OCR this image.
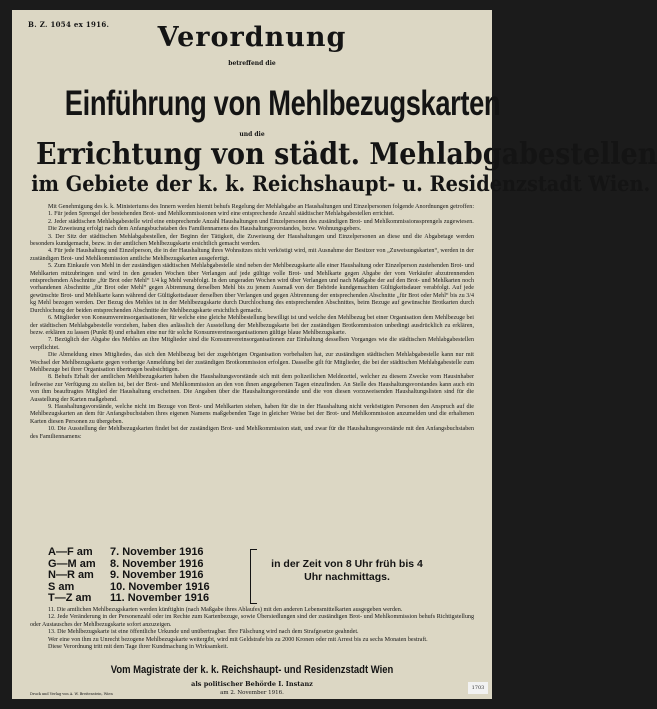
B. Z. 1054 ex 1916.	Verordnung
betreffend die
Einführung von Mehlbezugskarten
und die
Errichtung von städt. Mehlabgabestellen
im Gebiete der k. k. Reichshaupt- u. Residenzstadt Wien.

Mit Genehmigung des k. k. Ministeriums des Innern werden hiemit behufs Regelung der Mehlabgabe an Haushaltungen und Einzelpersonen folgende Anordnungen getroffen:

1. Für jeden Sprengel der bestehenden Brot- und Mehlkommissionen wird eine entsprechende Anzahl städtischer Mehlabgabestellen errichtet.

2. Jeder städtischen Mehlabgabestelle wird eine entsprechende Anzahl Haushaltungen und Einzelpersonen des zuständigen Brot- und Mehlkommissionssprengels zugewiesen.

Die Zuweisung erfolgt nach dem Anfangsbuchstaben des Familiennamens des Haushaltungsvorstandes, bezw. Wohnungsgebers.

3. Der Sitz der städtischen Mehlabgabestellen, der Beginn der Tätigkeit, die Zuweisung der Haushaltungen und Einzelpersonen an diese und die Abgabetage werden besonders kundgemacht, bezw. in der amtlichen Mehlbezugskarte ersichtlich gemacht werden.

4. Für jede Haushaltung und Einzelperson, die in der Haushaltung ihres Wohnsitzes nicht verköstigt wird, mit Ausnahme der Besitzer von „Zuweisungskarten“, werden in der zuständigen Brot- und Mehlkommission amtliche Mehlbezugskarten ausgefertigt.

5. Zum Einkaufe von Mehl in der zuständigen städtischen Mehlabgabestelle sind neben der Mehlbezugskarte alle einer Haushaltung oder Einzelperson zustehenden Brot- und Mehlkarten mitzubringen und wird in den geraden Wochen über Verlangen auf jede gültige volle Brot- und Mehlkarte gegen Abgabe der vom Verkäufer abzutrennenden entsprechenden Abschnitte „für Brot oder Mehl“ 1/4 kg Mehl verabfolgt. In den ungeraden Wochen wird über Verlangen und nach Maßgabe der auf den Brot- und Mehlkarten noch vorhandenen Abschnitte „für Brot oder Mehl“ gegen Abtrennung derselben Mehl bis zu jenem Ausmaß von der Behörde kundgemachten Gültigkeitsdauer verabfolgt. Auf jede gewünschte Brot- und Mehlkarte kann während der Gültigkeitsdauer derselben über Verlangen und gegen Abtrennung der entsprechenden Abschnitte „für Brot oder Mehl“ bis zu 3/4 kg Mehl bezogen werden. Der Bezug des Mehles ist in der Mehlbezugskarte durch Durchlochung des entsprechenden Abschnittes, beim Bezuge auf gewünschte Brotkarten durch Durchlochung der beiden entsprechenden Abschnitte der Mehlbezugskarte ersichtlich gemacht.

6. Mitglieder von Konsumvereinsorganisationen, für welche eine gleiche Mehlbestellung bewilligt ist und welche den Mehlbezug bei einer Organisation dem Mehlbezuge bei der städtischen Mehlabgabestelle vorziehen, haben dies anlässlich der Ausstellung der Mehlbezugskarte bei der zuständigen Brotkommission unbedingt ausdrücklich zu erklären, bezw. erklären zu lassen (Punkt 8) und erhalten eine nur für solche Konsumvereinsorganisationen gültige blaue Mehlbezugskarte.

7. Bezüglich der Abgabe des Mehles an ihre Mitglieder sind die Konsumvereinsorganisationen zur Einhaltung desselben Vorganges wie die städtischen Mehlabgabestellen verpflichtet.

Die Abmeldung eines Mitgliedes, das sich den Mehlbezug bei der zugehörigen Organisation vorbehalten hat, zur zuständigen städtischen Mehlabgabestelle kann nur mit Wechsel der Mehlbezugskarte gegen vorherige Anmeldung bei der zuständigen Brotkommission erfolgen. Dasselbe gilt für Mitglieder, die bei der städtischen Mehlabgabestelle zum Mehlbezuge bei ihrer Organisation übertragen beabsichtigen.

8. Behufs Erhalt der amtlichen Mehlbezugskarten haben die Haushaltungsvorstände sich mit dem polizeilichen Meldezettel, welcher zu diesem Zwecke vom Hausinhaber leihweise zur Verfügung zu stellen ist, bei der Brot- und Mehlkommission an den von ihnen angegebenen Tagen einzufinden. An Stelle des Haushaltungsvorstandes kann auch ein von ihm beauftragtes Mitglied der Haushaltung erscheinen. Die Angaben über die Haushaltungsvorstände und die von diesen vorzuweisenden Haushaltungslisten sind für die Ausstellung der Karten maßgebend.

9. Haushaltungsvorstände, welche nicht im Bezuge von Brot- und Mehlkarten stehen, haben für die in der Haushaltung nicht verköstigten Personen den Anspruch auf die Mehlbezugskarten an dem für Anfangsbuchstaben ihres eigenen Namens maßgebenden Tage in gleicher Weise bei der Brot- und Mehlkommission anzumelden und die erhaltenen Karten diesen Personen zu übergeben.

10. Die Ausstellung der Mehlbezugskarten findet bei der zuständigen Brot- und Mehlkommission statt, und zwar für die Haushaltungsvorstände mit den Anfangsbuchstaben des Familiennamens:

A—F am	7. November 1916
G—M am	8. November 1916
N—R am	9. November 1916
S am	10. November 1916
T—Z am	11. November 1916
in der Zeit von 8 Uhr früh bis 4 Uhr nachmittags.

11. Die amtlichen Mehlbezugskarten werden künftighin (nach Maßgabe ihres Ablaufes) mit den anderen Lebensmittelkarten ausgegeben werden.

12. Jede Veränderung in der Personenzahl oder im Rechte zum Kartenbezuge, sowie Übersiedlungen sind der zuständigen Brot- und Mehlkommission behufs Richtigstellung oder Austausches der Mehlbezugskarte sofort anzuzeigen.

13. Die Mehlbezugskarte ist eine öffentliche Urkunde und unübertragbar. Ihre Fälschung wird nach dem Strafgesetze geahndet.

Wer eine von ihm zu Unrecht bezogene Mehlbezugskarte weitergibt, wird mit Geldstrafe bis zu 2000 Kronen oder mit Arrest bis zu sechs Monaten bestraft.

Diese Verordnung tritt mit dem Tage ihrer Kundmachung in Wirksamkeit.

Vom Magistrate der k. k. Reichshaupt- und Residenzstadt Wien
als politischer Behörde I. Instanz
am 2. November 1916.
Druck und Verlag von A. W. Breitenstein, Wien
1703
